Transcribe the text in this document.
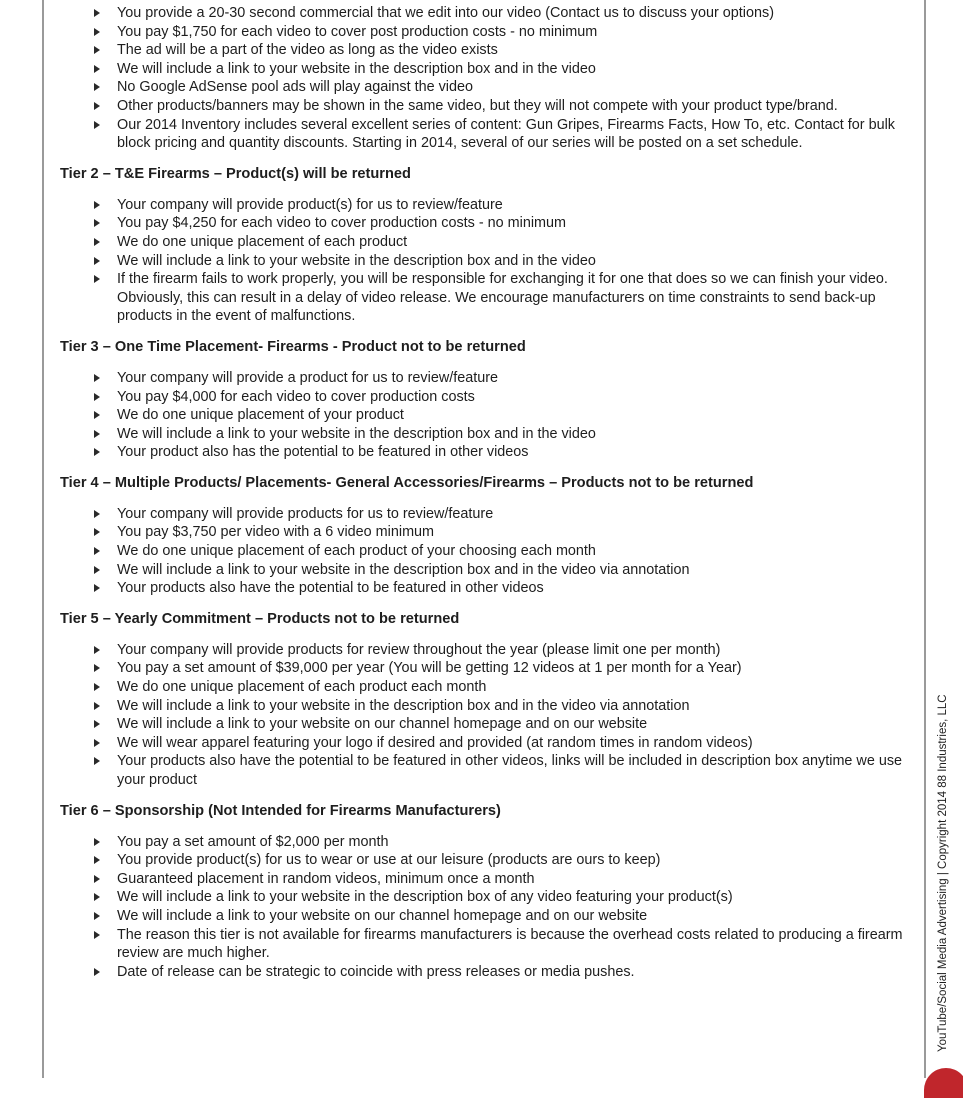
You provide a 20-30 second commercial that we edit into our video (Contact us to discuss your options)
You pay $1,750 for each video to cover post production costs - no minimum
The ad will be a part of the video as long as the video exists
We will include a link to your website in the description box and in the video
No Google AdSense pool ads will play against the video
Other products/banners may be shown in the same video, but they will not compete with your product type/brand.
Our 2014 Inventory includes several excellent series of content: Gun Gripes, Firearms Facts, How To, etc. Contact for bulk block pricing and quantity discounts. Starting in 2014, several of our series will be posted on a set schedule.
Tier 2 – T&E Firearms – Product(s) will be returned
Your company will provide product(s) for us to review/feature
You pay $4,250 for each video to cover production costs - no minimum
We do one unique placement of each product
We will include a link to your website in the description box and in the video
If the firearm fails to work properly, you will be responsible for exchanging it for one that does so we can finish your video. Obviously, this can result in a delay of video release. We encourage manufacturers on time constraints to send back-up products in the event of malfunctions.
Tier 3 – One Time Placement- Firearms - Product not to be returned
Your company will provide a product for us to review/feature
You pay $4,000 for each video to cover production costs
We do one unique placement of your product
We will include a link to your website in the description box and in the video
Your product also has the potential to be featured in other videos
Tier 4 – Multiple Products/ Placements- General Accessories/Firearms – Products not to be returned
Your company will provide products for us to review/feature
You pay $3,750 per video with a 6 video minimum
We do one unique placement of each product of your choosing each month
We will include a link to your website in the description box and in the video via annotation
Your products also have the potential to be featured in other videos
Tier 5 – Yearly Commitment – Products not to be returned
Your company will provide products for review throughout the year (please limit one per month)
You pay a set amount of $39,000 per year (You will be getting 12 videos at 1 per month for a Year)
We do one unique placement of each product each month
We will include a link to your website in the description box and in the video via annotation
We will include a link to your website on our channel homepage and on our website
We will wear apparel featuring your logo if desired and provided (at random times in random videos)
Your products also have the potential to be featured in other videos, links will be included in description box anytime we use your product
Tier 6 – Sponsorship (Not Intended for Firearms Manufacturers)
You pay a set amount of $2,000 per month
You provide product(s) for us to wear or use at our leisure (products are ours to keep)
Guaranteed placement in random videos, minimum once a month
We will include a link to your website in the description box of any video featuring your product(s)
We will include a link to your website on our channel homepage and on our website
The reason this tier is not available for firearms manufacturers is because the overhead costs related to producing a firearm review are much higher.
Date of release can be strategic to coincide with press releases or media pushes.	YouTube/Social Media Advertising | Copyright 2014 88 Industries, LLC
